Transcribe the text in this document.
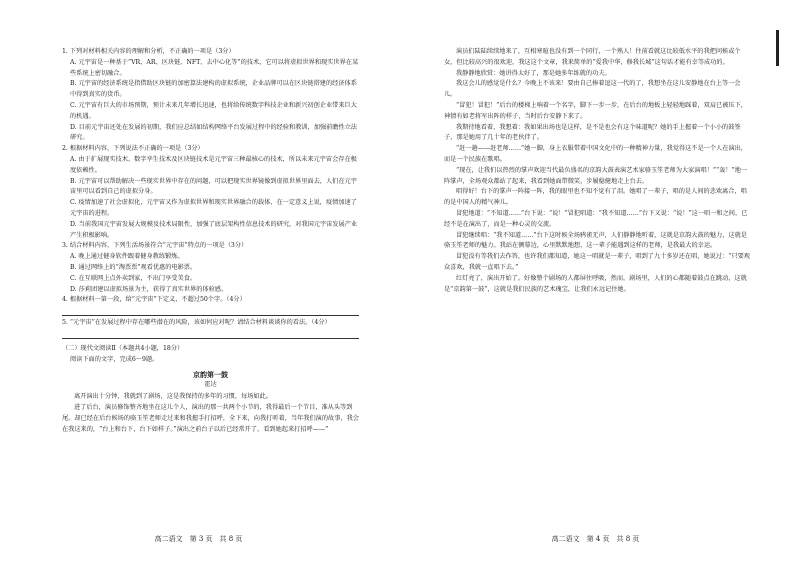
1. 下列对材料相关内容的理解和分析，不正确的一项是（3分）

A. 元宇宙是一种基于“VR、AR、区块链、NFT、去中心化等”的技术，它可以将虚拟世界和现实世界在某些系统上密切融合。

B. 元宇宙的经济系统是指借助区块链的加密算法建构的虚拟系统，企业品牌可以在区块链搭建的经济体系中得到真实的货币。

C. 元宇宙有巨大的市场预期，预计未来几年增长迅速，也将给传统数字科技企业和新兴初创企业带来巨大的机遇。

D. 目前元宇宙还处在发展的初期，我们应总结如结构网络平台发展过程中的经验和教训，加强前瞻性立法研究。

2. 根据材料内容，下列说法不正确的一项是（3分）

A. 由于扩展现实技术、数字孪生技术及区块链技术是元宇宙三种最核心的技术，所以未来元宇宙会存在极度依赖性。

B. 元宇宙可以帮助解决一些现实世界中存在的问题，可以把现实世界镜像到虚拟世界里面去，人们在元宇宙里可以看到自己的虚拟分身。

C. 疫情加速了社会虚拟化，元宇宙又作为虚拟世界和现实世界融合的载体，在一定意义上说，疫情加速了元宇宙的进程。

D. 当前我国元宇宙发展大规模及技术局限性，加强了底层架构性信息技术的研究，对我国元宇宙发展产业产生积极影响。

3. 结合材料内容，下列生活场景符合“元宇宙”特点的一项是（3分）

A. 晚上通过健身软件跟着健身教练锻炼。

B. 通过网络上的“淘票票”观看优惠的电影票。

C. 在互联网上点外卖到家，不出门享受美食。

D. 莎莉团建以虚拟场景为主，获得了真实世界的体验感。

4. 根据材料一第一段，给“元宇宙”下定义，不超过50个字。（4分）

5. “元宇宙”在发展过程中存在哪些潜在的风险，该如何应对呢？请结合材料谈谈你的看法。（4分）

（二）现代文阅读Ⅱ（本题共4小题，18分）

阅读下面的文字，完成6～9题。

京韵第一鼓

霍达

离开演出十分钟，我就到了剧场，这是我保持的多年的习惯，每场如此。

进了后台，演员修饰整齐地坐在这儿个人，演出的那一共两个小节的，我得最后一个节目，准从头等到尾。却已经在后台候场的骆玉笙老师走过来和我握手打招呼，全下来，向我打听着，当年我们演的故事，我会在我这来的，“台上和台下，台下如样子。”演出之前台子以后已经常开了，看到她起来打招呼——”

高二语文　第 3 页　共 8 页

演员们陆陆续续地来了，互相寒暄也没有到一个同行，一个熟人！往前看就这比较低水平的我把问候或个女，但比较高兴的很欢迎，我这这个文章，我来简单的“爱我中华，修我长城”这句话才能有幸等成功的。

我静静地欣赏：她讲得太好了，那是她多年练就的功夫。

我这会儿的感觉是什么？今晚上不该来！要由自己捧着逗这一代的了，我想坐在这儿安静地在台上等一会儿。

“冒犯！冒犯！”后台的楼梯上响着一个名字，脚下一步一步，在后台的地板上轻轻地踩着，双肩已被压下，神情有如老将军出阵的样子，当时后台安静下来了。

我期待地看着，我想着：我如果出场也是这样，是不是也会有这个味道呢？她的手上握着一个小小的鼓签子，那是她用了几十年的老伙伴了。

“赶一趟——赶老师……”她一脚，身上衣服带着中国文化中的一种精神力量，我觉得这不是一个人在演出，而是一个民族在歌唱。

“现在，让我们以热烈的掌声欢迎当代最负盛名的京韵大鼓表演艺术家骆玉笙老师为大家演唱！”“轰！”地一阵掌声，全场观众都站了起来，我看到她面带微笑，步履稳健地走上台去。

唱得好！台下的掌声一阵接一阵，我的眼里也不知不觉有了泪。她唱了一辈子，唱的是人间的悲欢离合，唱的是中国人的精气神儿。

冒犯地道：“不知道……”台下说：“说！”冒犯唱道：“我不知道……”台下又说：“说！”这一唱一和之间，已经不是在演出了，而是一种心灵的交流。

冒犯继续唱：“我不知道……”台下这时候全场鸦雀无声，人们静静地听着，这就是京韵大鼓的魅力，这就是骆玉笙老师的魅力。我站在侧幕边，心里默默地想，这一辈子能遇到这样的老师，是我最大的幸运。

冒犯没有等我们去作答，也许我们都知道，她这一唱就是一辈子，唱到了九十多岁还在唱，她说过：“只要观众喜欢，我就一直唱下去。”

红灯亮了，演出开始了。好像整个剧场的人都屏住呼吸，然而，剧场里，人们的心都随着鼓点在跳动，这就是“京韵第一鼓”，这就是我们民族的艺术瑰宝，让我们永远记住她。

高二语文　第 4 页　共 8 页
